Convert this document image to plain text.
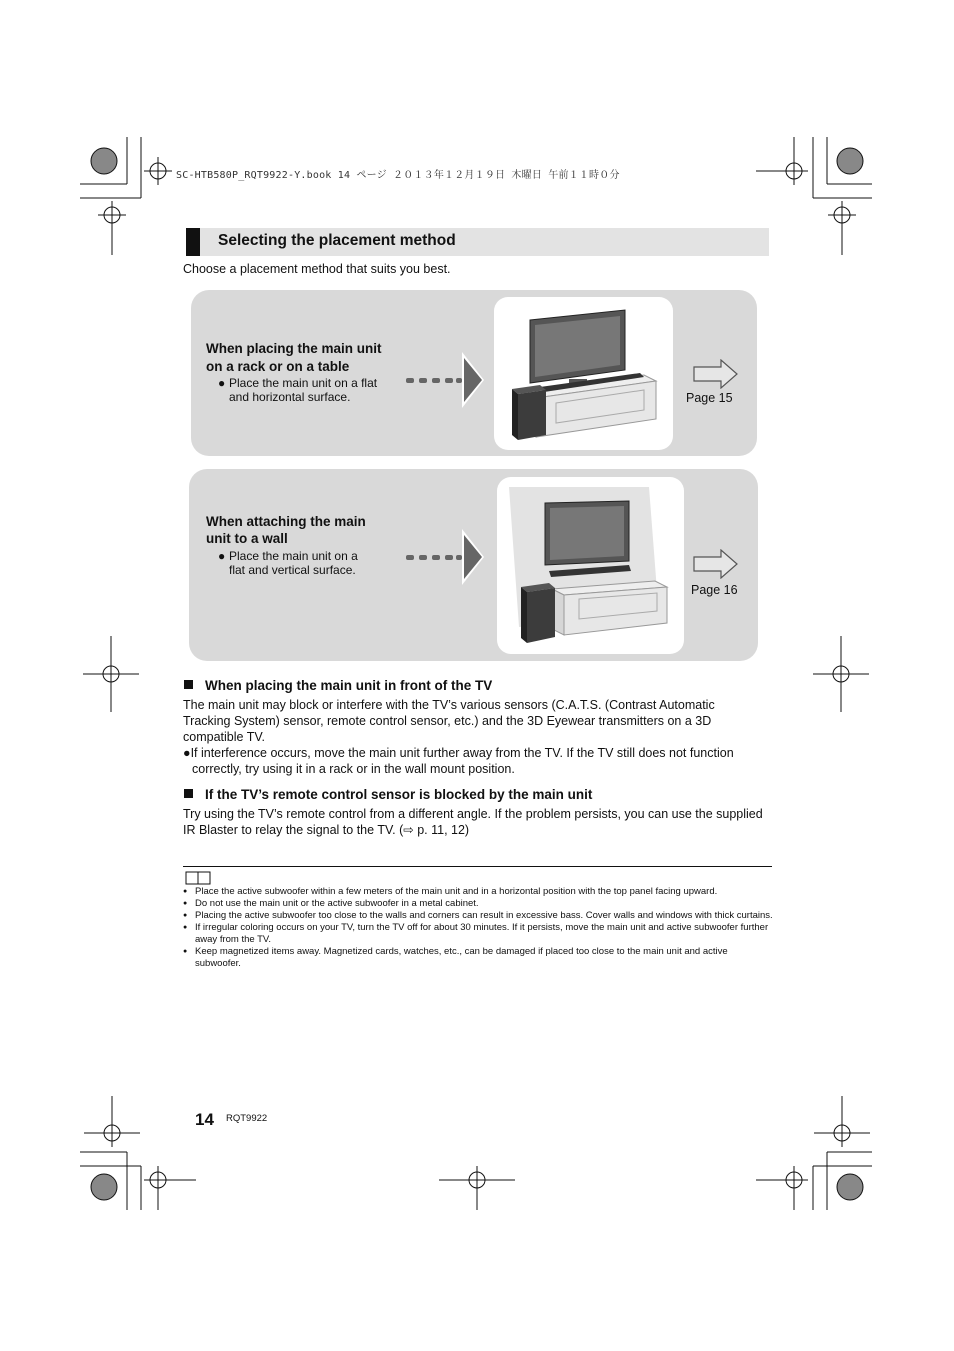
SC-HTB580P_RQT9922-Y.book 14 ページ ２０１３年１２月１９日 木曜日 午前１１時０分
Selecting the placement method
Choose a placement method that suits you best.
When placing the main unit
on a rack or on a table
● Place the main unit on a flat
and horizontal surface.	Page 15
When attaching the main
unit to a wall
● Place the main unit on a
flat and vertical surface.
Page 16
When placing the main unit in front of the TV
The main unit may block or interfere with the TV’s various sensors (C.A.T.S. (Contrast Automatic
Tracking System) sensor, remote control sensor, etc.) and the 3D Eyewear transmitters on a 3D
compatible TV.
●If interference occurs, move the main unit further away from the TV. If the TV still does not function
correctly, try using it in a rack or in the wall mount position.
If the TV’s remote control sensor is blocked by the main unit
Try using the TV’s remote control from a different angle. If the problem persists, you can use the supplied
IR Blaster to relay the signal to the TV. (⇨ p. 11, 12)
● Place the active subwoofer within a few meters of the main unit and in a horizontal position with the top panel facing upward.
● Do not use the main unit or the active subwoofer in a metal cabinet.
● Placing the active subwoofer too close to the walls and corners can result in excessive bass. Cover walls and windows with thick curtains.
● If irregular coloring occurs on your TV, turn the TV off for about 30 minutes. If it persists, move the main unit and active subwoofer further away from the TV.
● Keep magnetized items away. Magnetized cards, watches, etc., can be damaged if placed too close to the main unit and active subwoofer.
14 RQT9922
